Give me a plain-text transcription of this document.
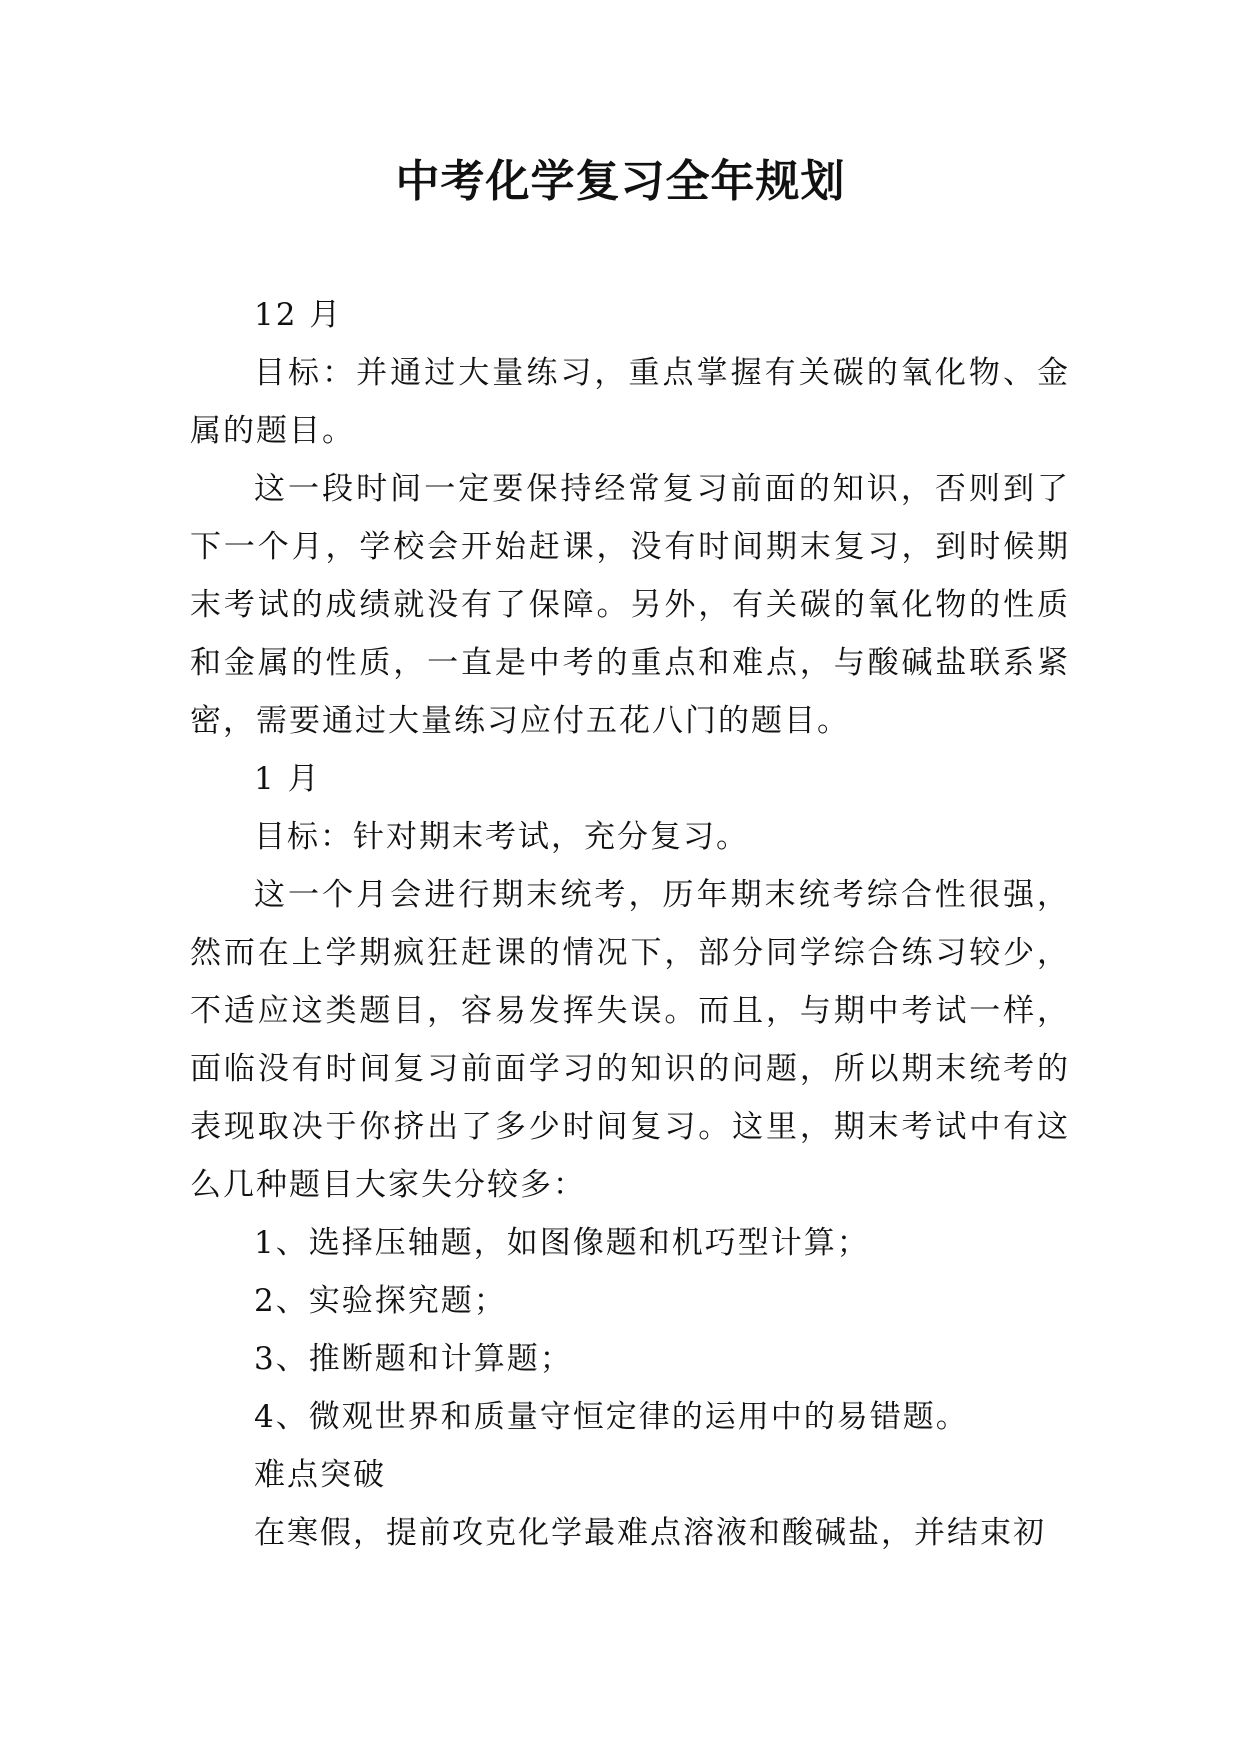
中考化学复习全年规划

12 月

目标：并通过大量练习，重点掌握有关碳的氧化物、金属的题目。

这一段时间一定要保持经常复习前面的知识，否则到了下一个月，学校会开始赶课，没有时间期末复习，到时候期末考试的成绩就没有了保障。另外，有关碳的氧化物的性质和金属的性质，一直是中考的重点和难点，与酸碱盐联系紧密，需要通过大量练习应付五花八门的题目。

1 月

目标：针对期末考试，充分复习。

这一个月会进行期末统考，历年期末统考综合性很强，然而在上学期疯狂赶课的情况下，部分同学综合练习较少，不适应这类题目，容易发挥失误。而且，与期中考试一样，面临没有时间复习前面学习的知识的问题，所以期末统考的表现取决于你挤出了多少时间复习。这里，期末考试中有这么几种题目大家失分较多：

1、选择压轴题，如图像题和机巧型计算；

2、实验探究题；

3、推断题和计算题；

4、微观世界和质量守恒定律的运用中的易错题。

难点突破

在寒假，提前攻克化学最难点溶液和酸碱盐，并结束初
